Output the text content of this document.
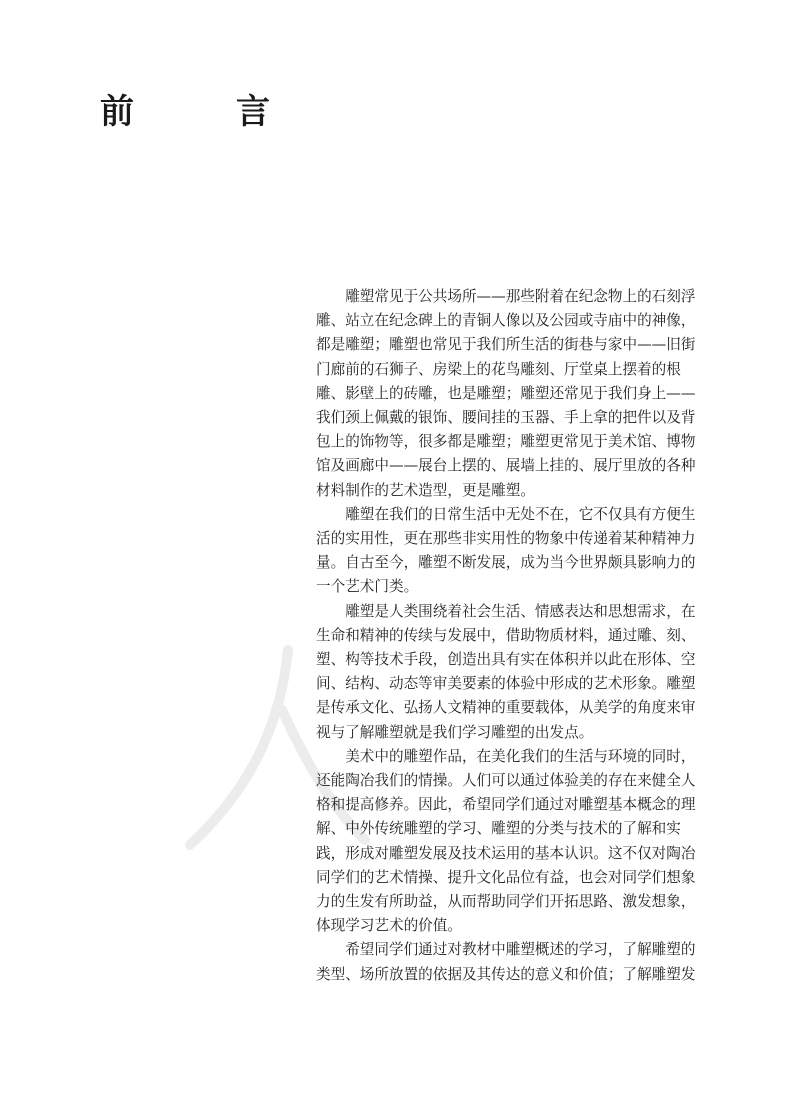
前　言

雕塑常见于公共场所——那些附着在纪念物上的石刻浮
雕、站立在纪念碑上的青铜人像以及公园或寺庙中的神像，
都是雕塑；雕塑也常见于我们所生活的街巷与家中——旧街
门廊前的石狮子、房梁上的花鸟雕刻、厅堂桌上摆着的根
雕、影壁上的砖雕，也是雕塑；雕塑还常见于我们身上——
我们颈上佩戴的银饰、腰间挂的玉器、手上拿的把件以及背
包上的饰物等，很多都是雕塑；雕塑更常见于美术馆、博物
馆及画廊中——展台上摆的、展墙上挂的、展厅里放的各种
材料制作的艺术造型，更是雕塑。

雕塑在我们的日常生活中无处不在，它不仅具有方便生
活的实用性，更在那些非实用性的物象中传递着某种精神力
量。自古至今，雕塑不断发展，成为当今世界颇具影响力的
一个艺术门类。

雕塑是人类围绕着社会生活、情感表达和思想需求，在
生命和精神的传续与发展中，借助物质材料，通过雕、刻、
塑、构等技术手段，创造出具有实在体积并以此在形体、空
间、结构、动态等审美要素的体验中形成的艺术形象。雕塑
是传承文化、弘扬人文精神的重要载体，从美学的角度来审
视与了解雕塑就是我们学习雕塑的出发点。

美术中的雕塑作品，在美化我们的生活与环境的同时，
还能陶冶我们的情操。人们可以通过体验美的存在来健全人
格和提高修养。因此，希望同学们通过对雕塑基本概念的理
解、中外传统雕塑的学习、雕塑的分类与技术的了解和实
践，形成对雕塑发展及技术运用的基本认识。这不仅对陶冶
同学们的艺术情操、提升文化品位有益，也会对同学们想象
力的生发有所助益，从而帮助同学们开拓思路、激发想象，
体现学习艺术的价值。

希望同学们通过对教材中雕塑概述的学习，了解雕塑的
类型、场所放置的依据及其传达的意义和价值；了解雕塑发
